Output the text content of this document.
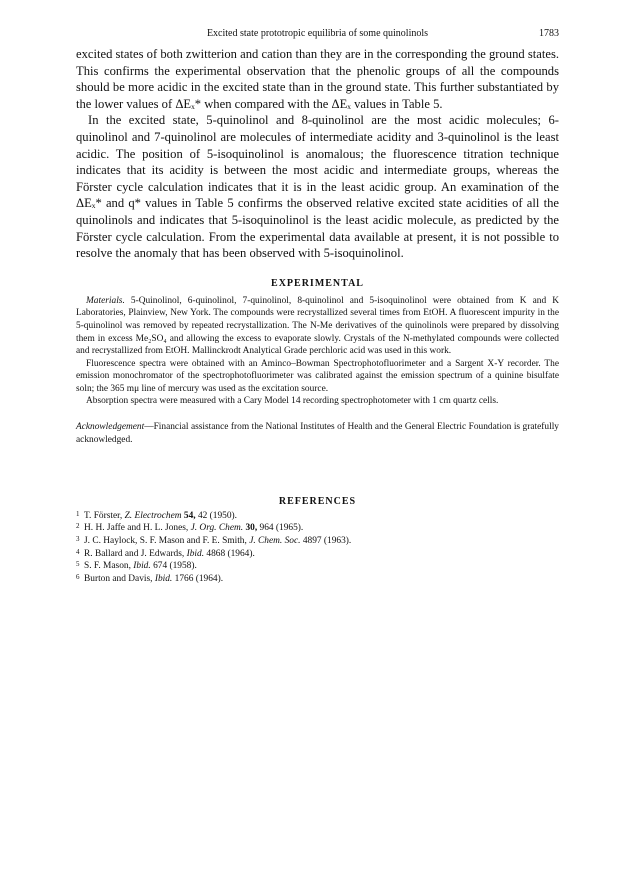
Excited state prototropic equilibria of some quinolinols	1783

excited states of both zwitterion and cation than they are in the corresponding the ground states. This confirms the experimental observation that the phenolic groups of all the compounds should be more acidic in the excited state than in the ground state. This further substantiated by the lower values of ΔEₓ* when compared with the ΔEₓ values in Table 5.

In the excited state, 5-quinolinol and 8-quinolinol are the most acidic molecules; 6-quinolinol and 7-quinolinol are molecules of intermediate acidity and 3-quinolinol is the least acidic. The position of 5-isoquinolinol is anomalous; the fluorescence titration technique indicates that its acidity is between the most acidic and intermediate groups, whereas the Förster cycle calculation indicates that it is in the least acidic group. An examination of the ΔEₓ* and q* values in Table 5 confirms the observed relative excited state acidities of all the quinolinols and indicates that 5-isoquinolinol is the least acidic molecule, as predicted by the Förster cycle calculation. From the experimental data available at present, it is not possible to resolve the anomaly that has been observed with 5-isoquinolinol.

EXPERIMENTAL

Materials. 5-Quinolinol, 6-quinolinol, 7-quinolinol, 8-quinolinol and 5-isoquinolinol were obtained from K and K Laboratories, Plainview, New York. The compounds were recrystallized several times from EtOH. A fluorescent impurity in the 5-quinolinol was removed by repeated recrystallization. The N-Me derivatives of the quinolinols were prepared by dissolving them in excess Me₂SO₄ and allowing the excess to evaporate slowly. Crystals of the N-methylated compounds were collected and recrystallized from EtOH. Mallinckrodt Analytical Grade perchloric acid was used in this work.

Fluorescence spectra were obtained with an Aminco–Bowman Spectrophotofluorimeter and a Sargent X-Y recorder. The emission monochromator of the spectrophotofluorimeter was calibrated against the emission spectrum of a quinine bisulfate soln; the 365 mμ line of mercury was used as the excitation source.

Absorption spectra were measured with a Cary Model 14 recording spectrophotometer with 1 cm quartz cells.

Acknowledgement—Financial assistance from the National Institutes of Health and the General Electric Foundation is gratefully acknowledged.

REFERENCES
1 T. Förster, Z. Electrochem 54, 42 (1950).
2 H. H. Jaffe and H. L. Jones, J. Org. Chem. 30, 964 (1965).
3 J. C. Haylock, S. F. Mason and F. E. Smith, J. Chem. Soc. 4897 (1963).
4 R. Ballard and J. Edwards, Ibid. 4868 (1964).
5 S. F. Mason, Ibid. 674 (1958).
6 Burton and Davis, Ibid. 1766 (1964).
